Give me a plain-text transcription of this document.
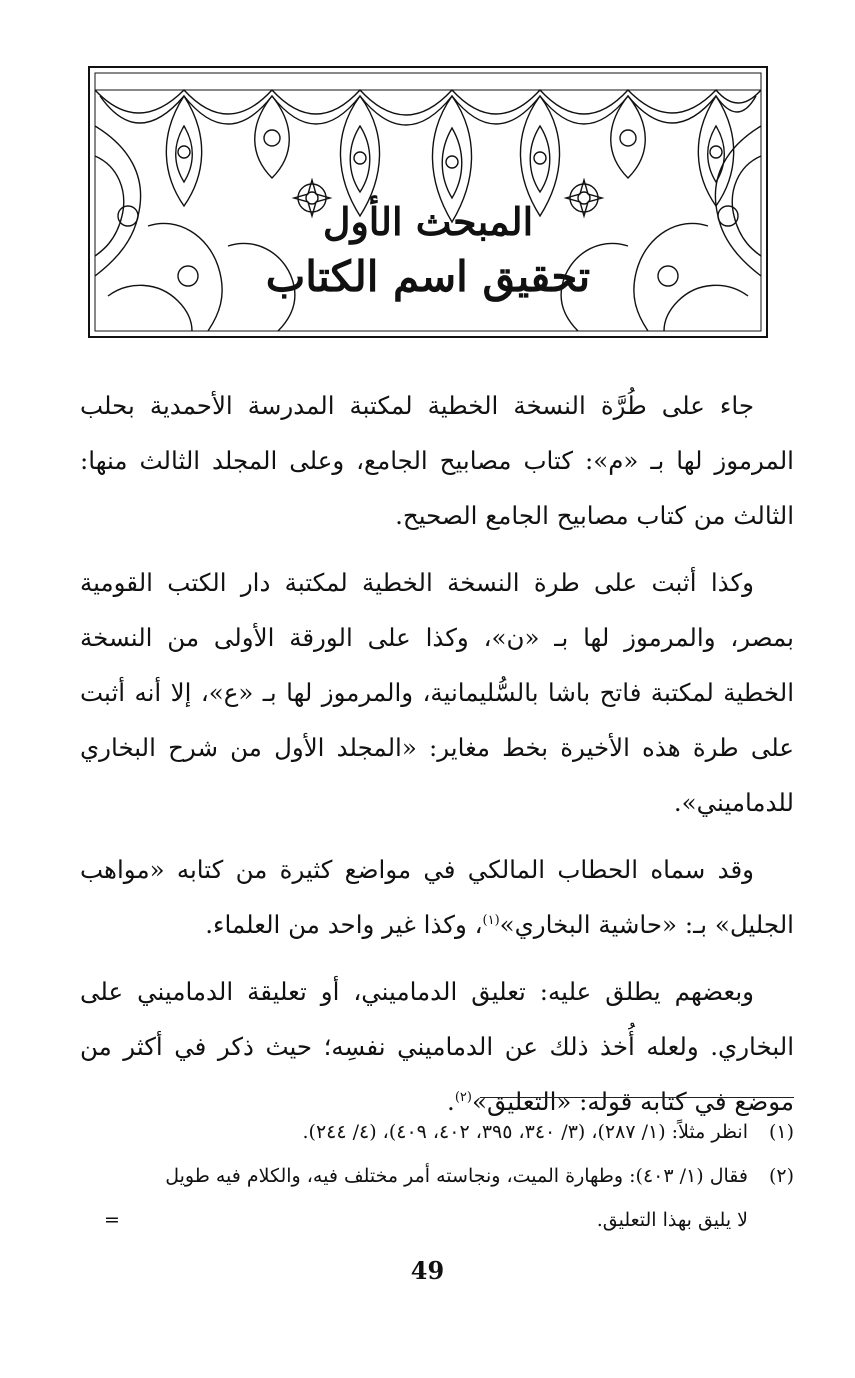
المبحث الأول
تحقيق اسم الكتاب

جاء على طُرَّة النسخة الخطية لمكتبة المدرسة الأحمدية بحلب المرموز لها بـ «م»: كتاب مصابيح الجامع، وعلى المجلد الثالث منها: الثالث من كتاب مصابيح الجامع الصحيح.

وكذا أثبت على طرة النسخة الخطية لمكتبة دار الكتب القومية بمصر، والمرموز لها بـ «ن»، وكذا على الورقة الأولى من النسخة الخطية لمكتبة فاتح باشا بالسُّليمانية، والمرموز لها بـ «ع»، إلا أنه أثبت على طرة هذه الأخيرة بخط مغاير: «المجلد الأول من شرح البخاري للدماميني».

وقد سماه الحطاب المالكي في مواضع كثيرة من كتابه «مواهب الجليل» بـ: «حاشية البخاري»$^{(١)}$، وكذا غير واحد من العلماء.

وبعضهم يطلق عليه: تعليق الدماميني، أو تعليقة الدماميني على البخاري. ولعله أُخذ ذلك عن الدماميني نفسِه؛ حيث ذكر في أكثر من موضع في كتابه قوله: «التعليق»$^{(٢)}$.

(١)
انظر مثلاً: (١/ ٢٨٧)، (٣/ ٣٤٠، ٣٩٥، ٤٠٢، ٤٠٩)، (٤/ ٢٤٤).
(٢)
فقال (١/ ٤٠٣): وطهارة الميت، ونجاسته أمر مختلف فيه، والكلام فيه طويل
لا يليق بهذا التعليق.
=
49
